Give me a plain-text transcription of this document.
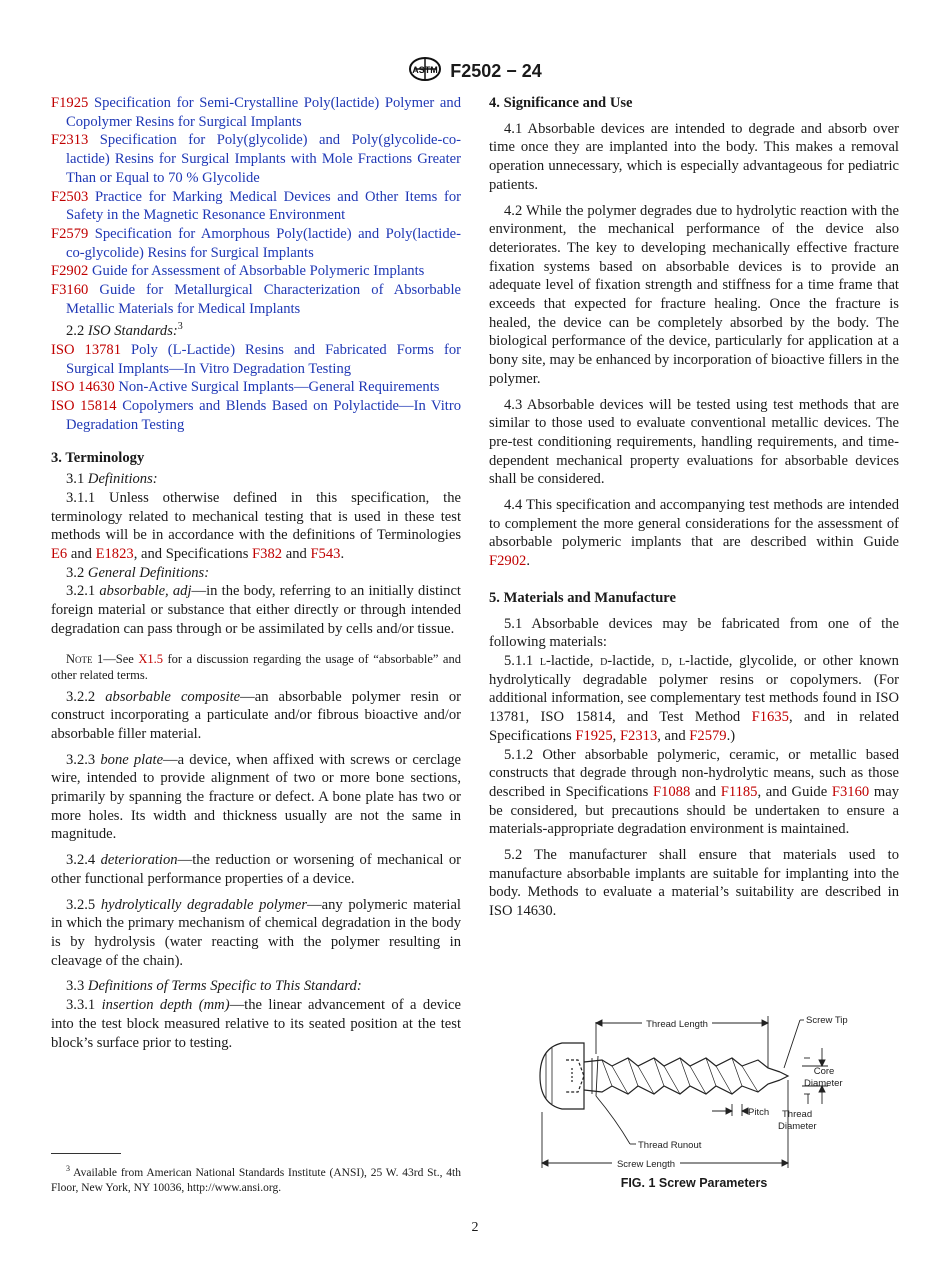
ASTM F2502 − 24

F1925 Specification for Semi-Crystalline Poly(lactide) Polymer and Copolymer Resins for Surgical Implants

F2313 Specification for Poly(glycolide) and Poly(glycolide-co-lactide) Resins for Surgical Implants with Mole Fractions Greater Than or Equal to 70 % Glycolide

F2503 Practice for Marking Medical Devices and Other Items for Safety in the Magnetic Resonance Environment

F2579 Specification for Amorphous Poly(lactide) and Poly(lactide-co-glycolide) Resins for Surgical Implants

F2902 Guide for Assessment of Absorbable Polymeric Implants

F3160 Guide for Metallurgical Characterization of Absorbable Metallic Materials for Medical Implants

2.2 ISO Standards:$^3$

ISO 13781 Poly (L-Lactide) Resins and Fabricated Forms for Surgical Implants—In Vitro Degradation Testing

ISO 14630 Non-Active Surgical Implants—General Requirements

ISO 15814 Copolymers and Blends Based on Polylactide—In Vitro Degradation Testing

3. Terminology

3.1 Definitions:

3.1.1 Unless otherwise defined in this specification, the terminology related to mechanical testing that is used in these test methods will be in accordance with the definitions of Terminologies E6 and E1823, and Specifications F382 and F543.

3.2 General Definitions:

3.2.1 absorbable, adj—in the body, referring to an initially distinct foreign material or substance that either directly or through intended degradation can pass through or be assimilated by cells and/or tissue.

Note 1—See X1.5 for a discussion regarding the usage of “absorbable” and other related terms.

3.2.2 absorbable composite—an absorbable polymer resin or construct incorporating a particulate and/or fibrous bioactive and/or absorbable filler material.

3.2.3 bone plate—a device, when affixed with screws or cerclage wire, intended to provide alignment of two or more bone sections, primarily by spanning the fracture or defect. A bone plate has two or more holes. Its width and thickness usually are not the same in magnitude.

3.2.4 deterioration—the reduction or worsening of mechanical or other functional performance properties of a device.

3.2.5 hydrolytically degradable polymer—any polymeric material in which the primary mechanism of chemical degradation in the body is by hydrolysis (water reacting with the polymer resulting in cleavage of the chain).

3.3 Definitions of Terms Specific to This Standard:

3.3.1 insertion depth (mm)—the linear advancement of a device into the test block measured relative to its seated position at the test block’s surface prior to testing.

$^3$ Available from American National Standards Institute (ANSI), 25 W. 43rd St., 4th Floor, New York, NY 10036, http://www.ansi.org.

4. Significance and Use

4.1 Absorbable devices are intended to degrade and absorb over time once they are implanted into the body. This makes a removal operation unnecessary, which is especially advantageous for pediatric patients.

4.2 While the polymer degrades due to hydrolytic reaction with the environment, the mechanical performance of the device also deteriorates. The key to developing mechanically effective fracture fixation systems based on absorbable devices is to provide an adequate level of fixation strength and stiffness for a time frame that exceeds that expected for fracture healing. Once the fracture is healed, the device can be completely absorbed by the body. The biological performance of the device, particularly for application at a bony site, may be enhanced by incorporation of bioactive fillers in the polymer.

4.3 Absorbable devices will be tested using test methods that are similar to those used to evaluate conventional metallic devices. The pre-test conditioning requirements, handling requirements, and time-dependent mechanical property evaluations for absorbable devices shall be considered.

4.4 This specification and accompanying test methods are intended to complement the more general considerations for the assessment of absorbable polymeric implants that are described within Guide F2902.

5. Materials and Manufacture

5.1 Absorbable devices may be fabricated from one of the following materials:

5.1.1 l-lactide, d-lactide, d, l-lactide, glycolide, or other known hydrolytically degradable polymer resins or copolymers. (For additional information, see complementary test methods found in ISO 13781, ISO 15814, and Test Method F1635, and in related Specifications F1925, F2313, and F2579.)

5.1.2 Other absorbable polymeric, ceramic, or metallic based constructs that degrade through non-hydrolytic means, such as those described in Specifications F1088 and F1185, and Guide F3160 may be considered, but precautions should be undertaken to ensure a materials-appropriate degradation environment is maintained.

5.2 The manufacturer shall ensure that materials used to manufacture absorbable implants are suitable for implanting into the body. Methods to evaluate a material’s suitability are described in ISO 14630.

Thread Length	Screw Tip
Core
Diameter
Pitch Thread
Diameter
Thread Runout
Screw Length
FIG. 1 Screw Parameters
2
